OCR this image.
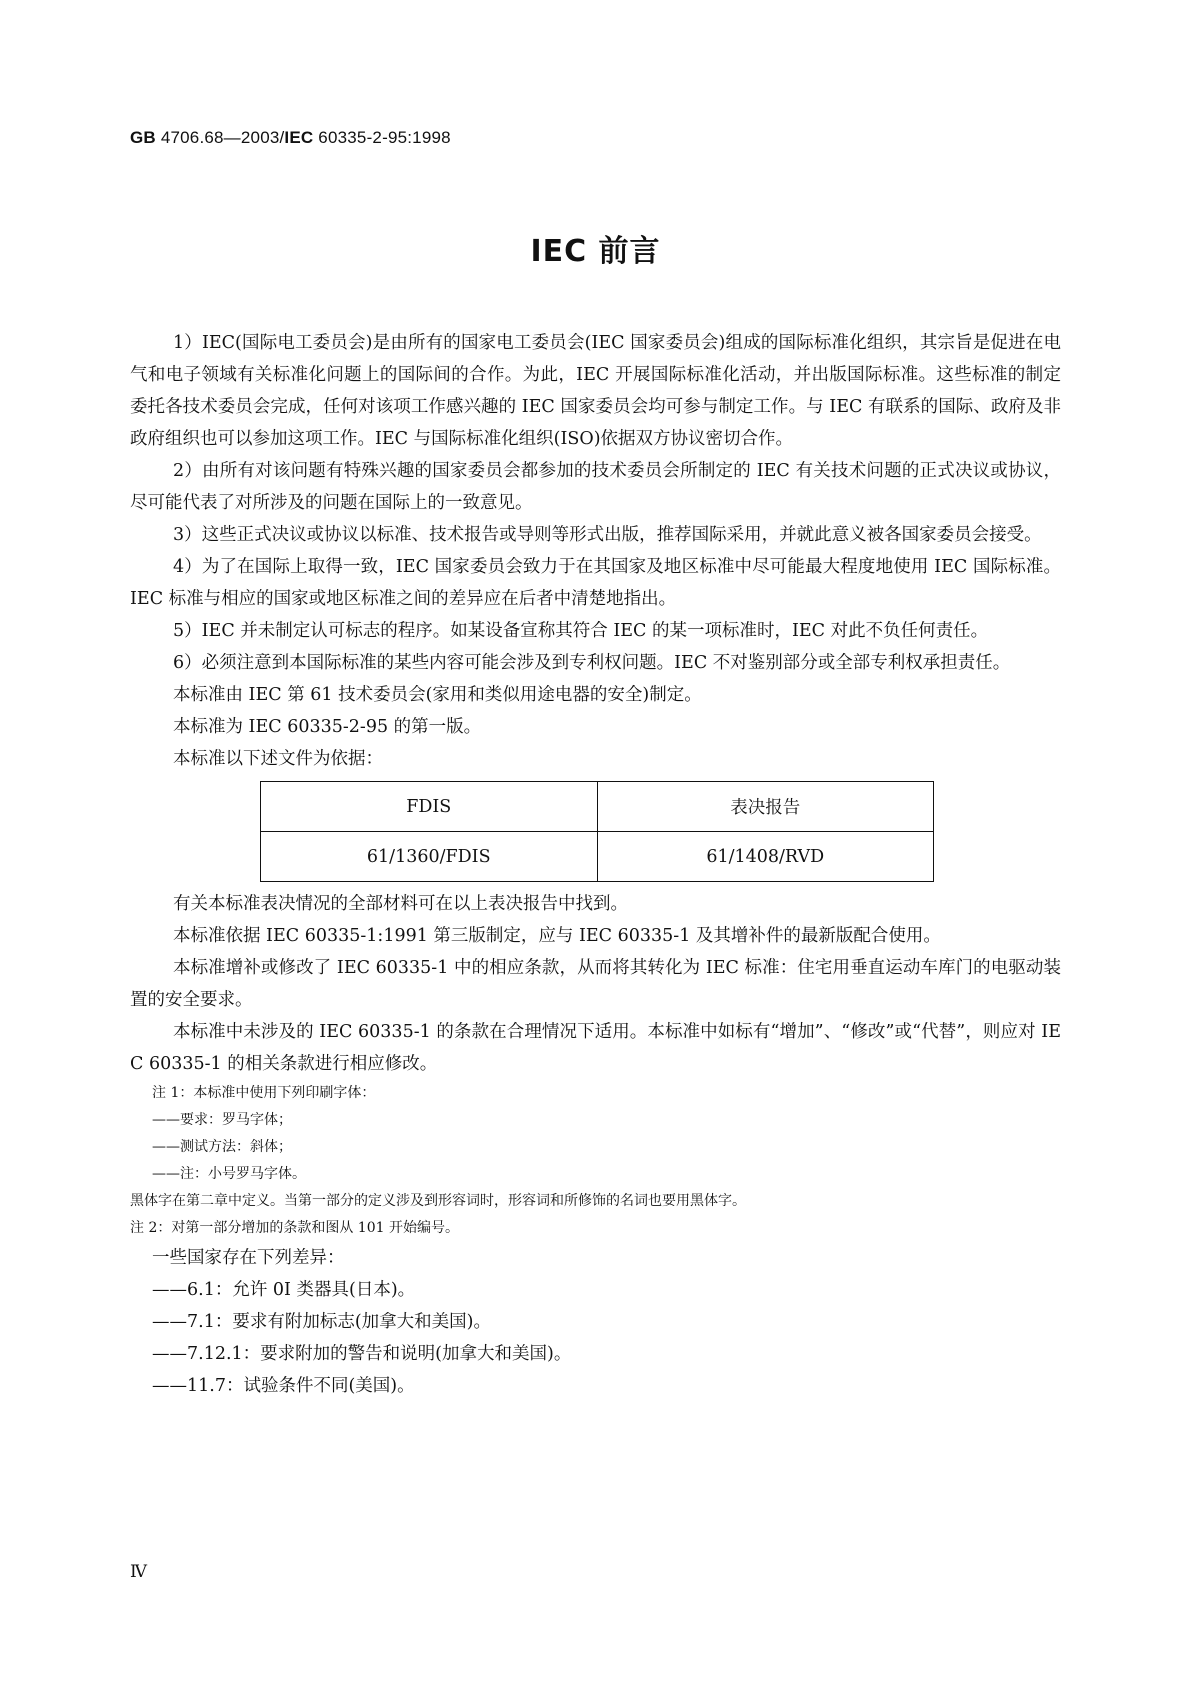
GB 4706.68—2003/IEC 60335-2-95:1998
IEC 前言

1）IEC(国际电工委员会)是由所有的国家电工委员会(IEC 国家委员会)组成的国际标准化组织，其宗旨是促进在电气和电子领域有关标准化问题上的国际间的合作。为此，IEC 开展国际标准化活动，并出版国际标准。这些标准的制定委托各技术委员会完成，任何对该项工作感兴趣的 IEC 国家委员会均可参与制定工作。与 IEC 有联系的国际、政府及非政府组织也可以参加这项工作。IEC 与国际标准化组织(ISO)依据双方协议密切合作。

2）由所有对该问题有特殊兴趣的国家委员会都参加的技术委员会所制定的 IEC 有关技术问题的正式决议或协议，尽可能代表了对所涉及的问题在国际上的一致意见。

3）这些正式决议或协议以标准、技术报告或导则等形式出版，推荐国际采用，并就此意义被各国家委员会接受。

4）为了在国际上取得一致，IEC 国家委员会致力于在其国家及地区标准中尽可能最大程度地使用 IEC 国际标准。IEC 标准与相应的国家或地区标准之间的差异应在后者中清楚地指出。

5）IEC 并未制定认可标志的程序。如某设备宣称其符合 IEC 的某一项标准时，IEC 对此不负任何责任。

6）必须注意到本国际标准的某些内容可能会涉及到专利权问题。IEC 不对鉴别部分或全部专利权承担责任。

本标准由 IEC 第 61 技术委员会(家用和类似用途电器的安全)制定。

本标准为 IEC 60335-2-95 的第一版。

本标准以下述文件为依据：

FDIS	表决报告
61/1360/FDIS	61/1408/RVD

有关本标准表决情况的全部材料可在以上表决报告中找到。

本标准依据 IEC 60335-1:1991 第三版制定，应与 IEC 60335-1 及其增补件的最新版配合使用。

本标准增补或修改了 IEC 60335-1 中的相应条款，从而将其转化为 IEC 标准：住宅用垂直运动车库门的电驱动装置的安全要求。

本标准中未涉及的 IEC 60335-1 的条款在合理情况下适用。本标准中如标有“增加”、“修改”或“代替”，则应对 IEC 60335-1 的相关条款进行相应修改。

注 1：本标准中使用下列印刷字体：

——要求：罗马字体；

——测试方法：斜体；

——注：小号罗马字体。

黑体字在第二章中定义。当第一部分的定义涉及到形容词时，形容词和所修饰的名词也要用黑体字。

注 2：对第一部分增加的条款和图从 101 开始编号。

一些国家存在下列差异：

——6.1：允许 0I 类器具(日本)。

——7.1：要求有附加标志(加拿大和美国)。

——7.12.1：要求附加的警告和说明(加拿大和美国)。

——11.7：试验条件不同(美国)。

Ⅳ
